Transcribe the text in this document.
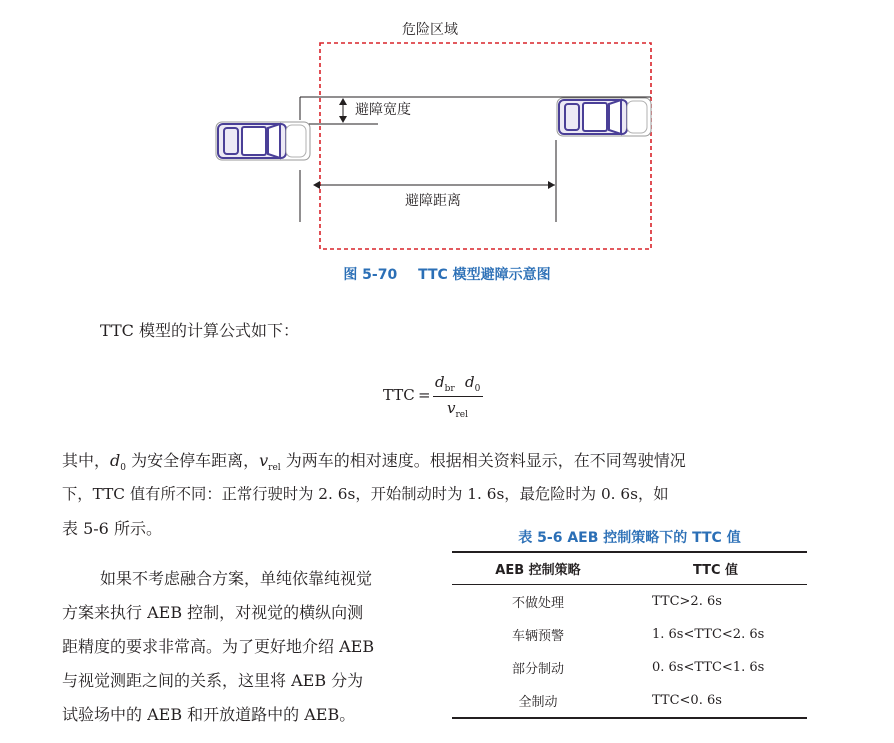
危险区域
避障宽度
避障距离
图 5-70 TTC 模型避障示意图
TTC 模型的计算公式如下：
TTC =
$d_{br}$ $d_0$
$v_{rel}$
其中，$d_0$ 为安全停车距离，$v_{rel}$ 为两车的相对速度。根据相关资料显示，在不同驾驶情况
下，TTC 值有所不同：正常行驶时为 2. 6s，开始制动时为 1. 6s，最危险时为 0. 6s，如
表 5-6 所示。
如果不考虑融合方案，单纯依靠纯视觉
方案来执行 AEB 控制，对视觉的横纵向测
距精度的要求非常高。为了更好地介绍 AEB
与视觉测距之间的关系，这里将 AEB 分为
试验场中的 AEB 和开放道路中的 AEB。
表 5-6 AEB 控制策略下的 TTC 值
AEB 控制策略	TTC 值
不做处理	TTC>2. 6s
车辆预警	1. 6s<TTC<2. 6s
部分制动	0. 6s<TTC<1. 6s
全制动	TTC<0. 6s
